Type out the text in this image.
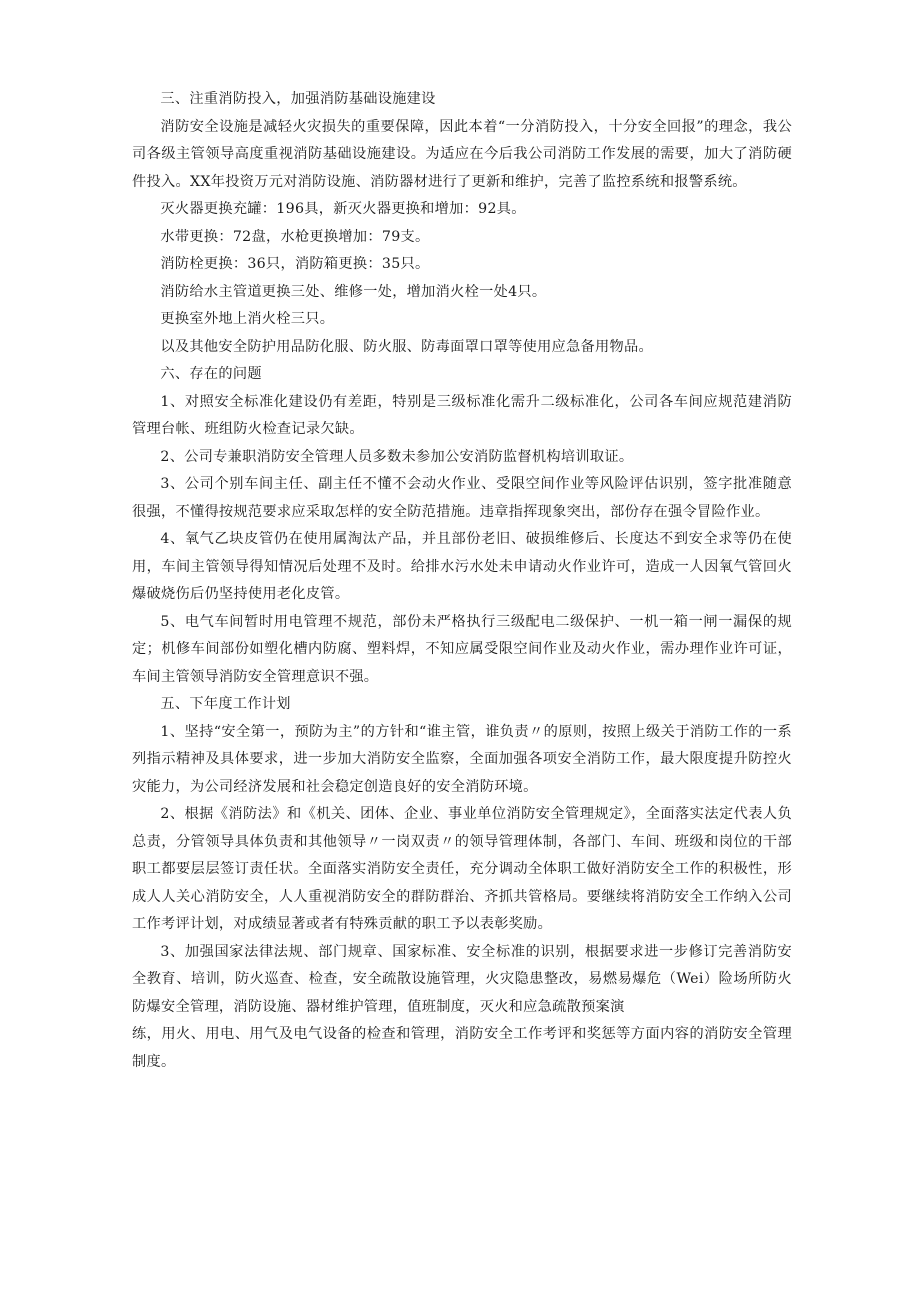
三、注重消防投入，加强消防基础设施建设

消防安全设施是减轻火灾损失的重要保障，因此本着“一分消防投入，十分安全回报”的理念，我公司各级主管领导高度重视消防基础设施建设。为适应在今后我公司消防工作发展的需要，加大了消防硬件投入。XX年投资万元对消防设施、消防器材进行了更新和维护，完善了监控系统和报警系统。

灭火器更换充罐：196具，新灭火器更换和增加：92具。

水带更换：72盘，水枪更换增加：79支。

消防栓更换：36只，消防箱更换：35只。

消防给水主管道更换三处、维修一处，增加消火栓一处4只。

更换室外地上消火栓三只。

以及其他安全防护用品防化服、防火服、防毒面罩口罩等使用应急备用物品。

六、存在的问题

1、对照安全标准化建设仍有差距，特别是三级标准化需升二级标准化，公司各车间应规范建消防管理台帐、班组防火检查记录欠缺。

2、公司专兼职消防安全管理人员多数未参加公安消防监督机构培训取证。

3、公司个别车间主任、副主任不懂不会动火作业、受限空间作业等风险评估识别，签字批准随意很强，不懂得按规范要求应采取怎样的安全防范措施。违章指挥现象突出，部份存在强令冒险作业。

4、氧气乙块皮管仍在使用属淘汰产品，并且部份老旧、破损维修后、长度达不到安全求等仍在使用，车间主管领导得知情况后处理不及时。给排水污水处未申请动火作业许可，造成一人因氧气管回火爆破烧伤后仍坚持使用老化皮管。

5、电气车间暂时用电管理不规范，部份未严格执行三级配电二级保护、一机一箱一闸一漏保的规定；机修车间部份如塑化槽内防腐、塑料焊，不知应属受限空间作业及动火作业，需办理作业许可证，车间主管领导消防安全管理意识不强。

五、下年度工作计划

1、坚持“安全第一，预防为主”的方针和“谁主管，谁负责〃的原则，按照上级关于消防工作的一系列指示精神及具体要求，进一步加大消防安全监察，全面加强各项安全消防工作，最大限度提升防控火灾能力，为公司经济发展和社会稳定创造良好的安全消防环境。

2、根据《消防法》和《机关、团体、企业、事业单位消防安全管理规定》，全面落实法定代表人负总责，分管领导具体负责和其他领导〃一岗双责〃的领导管理体制，各部门、车间、班级和岗位的干部职工都要层层签订责任状。全面落实消防安全责任，充分调动全体职工做好消防安全工作的积极性，形成人人关心消防安全，人人重视消防安全的群防群治、齐抓共管格局。要继续将消防安全工作纳入公司工作考评计划，对成绩显著或者有特殊贡献的职工予以表彰奖励。

3、加强国家法律法规、部门规章、国家标准、安全标准的识别，根据要求进一步修订完善消防安全教育、培训，防火巡查、检查，安全疏散设施管理，火灾隐患整改，易燃易爆危（Wei）险场所防火防爆安全管理，消防设施、器材维护管理，值班制度，灭火和应急疏散预案演

练，用火、用电、用气及电气设备的检查和管理，消防安全工作考评和奖惩等方面内容的消防安全管理制度。
